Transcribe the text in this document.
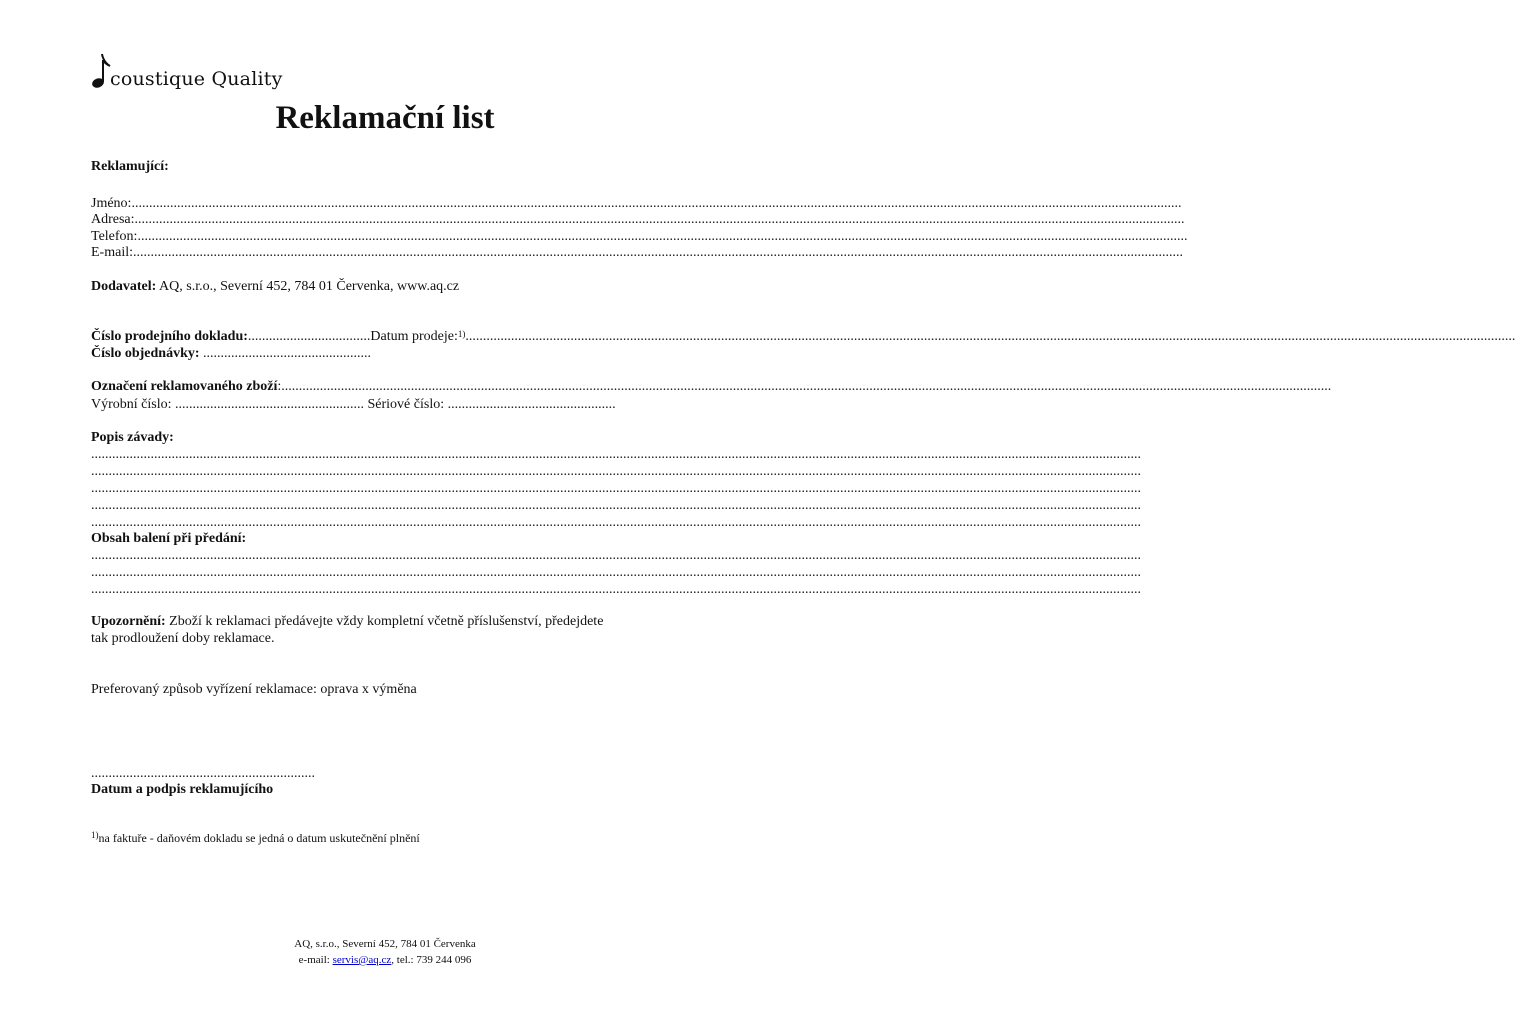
coustique Quality
Reklamační list
Reklamující:
Jméno: ............................................................................................................................................................................................................................................................................................................
Adresa: ............................................................................................................................................................................................................................................................................................................
Telefon: ............................................................................................................................................................................................................................................................................................................
E-mail: ............................................................................................................................................................................................................................................................................................................
Dodavatel: AQ, s.r.o., Severní 452, 784 01 Červenka, www.aq.cz
Číslo prodejního dokladu: ................................... Datum prodeje: $^{1)}$ ............................................................................................................................................................................................................................................................................................................
Číslo objednávky: ................................................
Označení reklamovaného zboží : ............................................................................................................................................................................................................................................................................................................
Výrobní číslo: ...................................................... Sériové číslo: ................................................
Popis závady:
............................................................................................................................................................................................................................................................................................................
............................................................................................................................................................................................................................................................................................................
............................................................................................................................................................................................................................................................................................................
............................................................................................................................................................................................................................................................................................................
............................................................................................................................................................................................................................................................................................................
Obsah balení při předání:
............................................................................................................................................................................................................................................................................................................
............................................................................................................................................................................................................................................................................................................
............................................................................................................................................................................................................................................................................................................
Upozornění: Zboží k reklamaci předávejte vždy kompletní včetně příslušenství, předejdete
tak prodloužení doby reklamace.
Preferovaný způsob vyřízení reklamace: oprava x výměna
................................................................
Datum a podpis reklamujícího
$^{1)}$na faktuře - daňovém dokladu se jedná o datum uskutečnění plnění
AQ, s.r.o., Severní 452, 784 01 Červenka
e-mail: servis@aq.cz, tel.: 739 244 096
